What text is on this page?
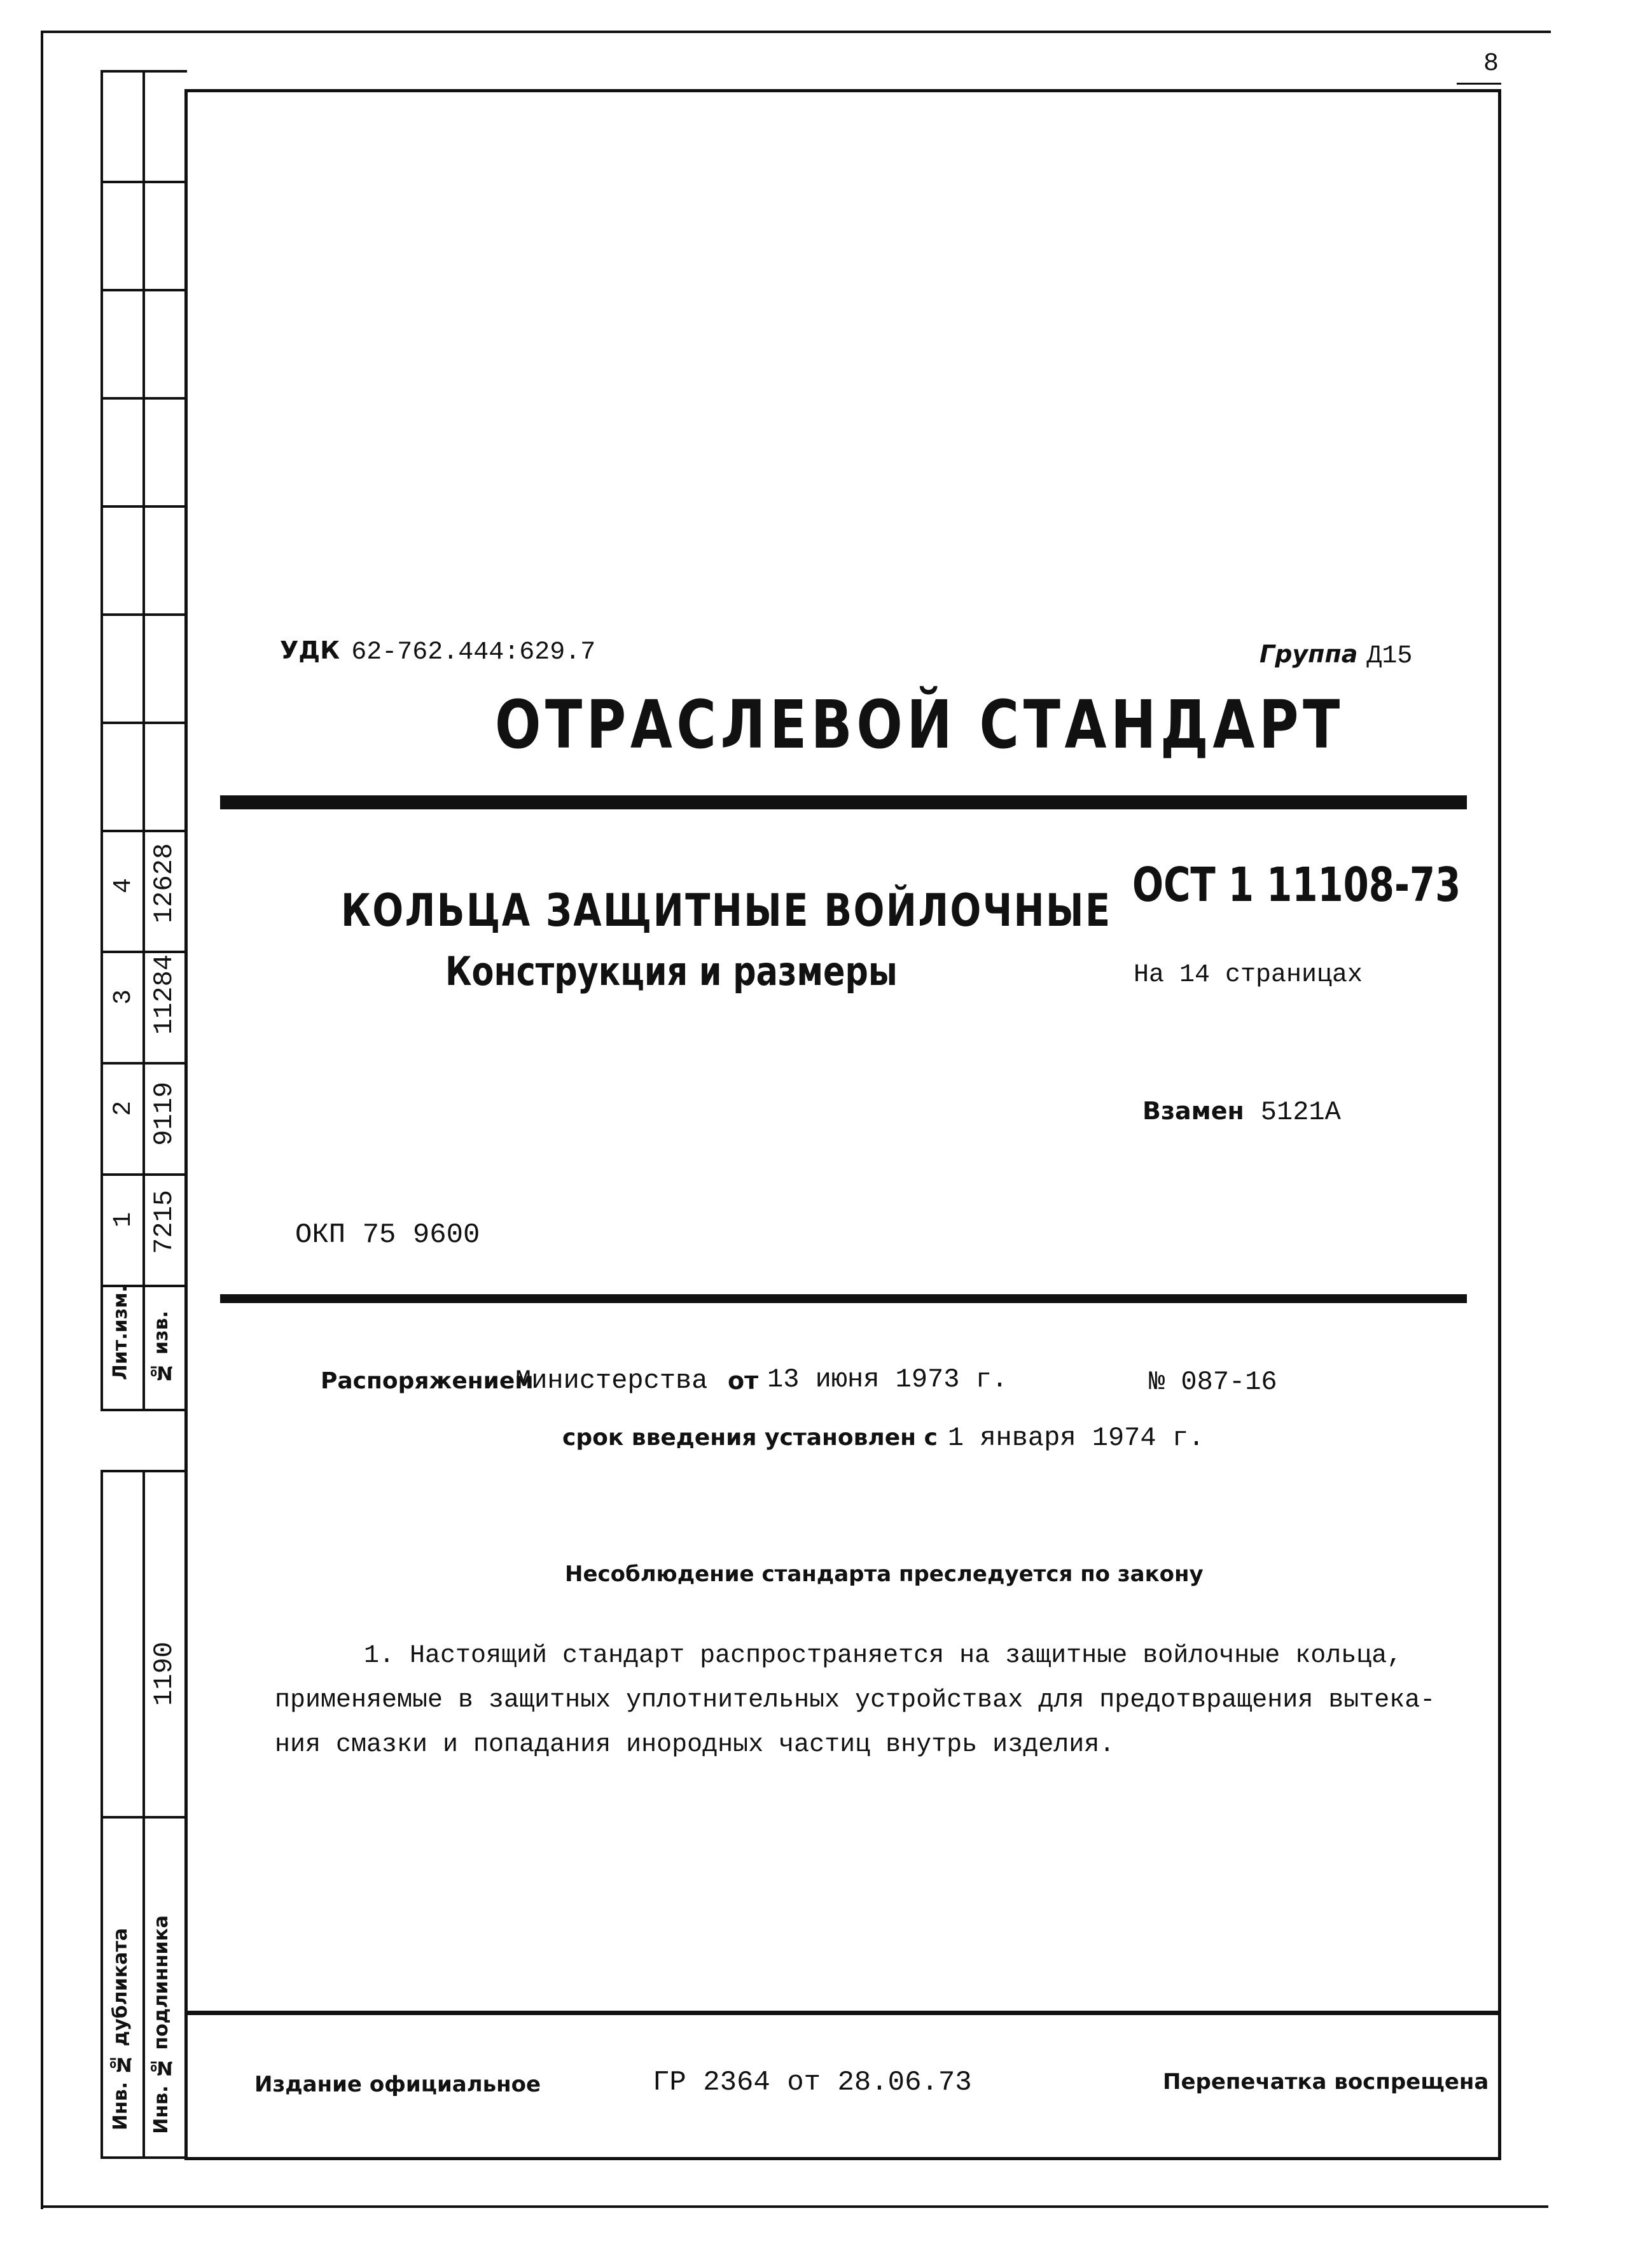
8
4 12628
3 11284
2 9119
1 7215
Лит.изм. № изв.
1190
Инв. № дубликата Инв. № подлинника
УДК 62-762.444:629.7	Группа Д15
ОТРАСЛЕВОЙ СТАНДАРТ
КОЛЬЦА ЗАЩИТНЫЕ ВОЙЛОЧНЫЕ
Конструкция и размеры
ОСТ 1 11108-73
На 14 страницах
Взамен 5121А
ОКП 75 9600
Распоряжением
Министерства от 13 июня 1973 г.	№ 087-16
срок введения установлен с 1 января 1974 г.
Несоблюдение стандарта преследуется по закону
1. Настоящий стандарт распространяется на защитные войлочные кольца,
применяемые в защитных уплотнительных устройствах для предотвращения вытека-
ния смазки и попадания инородных частиц внутрь изделия.
Издание официальное	ГР 2364 от 28.06.73	Перепечатка воспрещена
